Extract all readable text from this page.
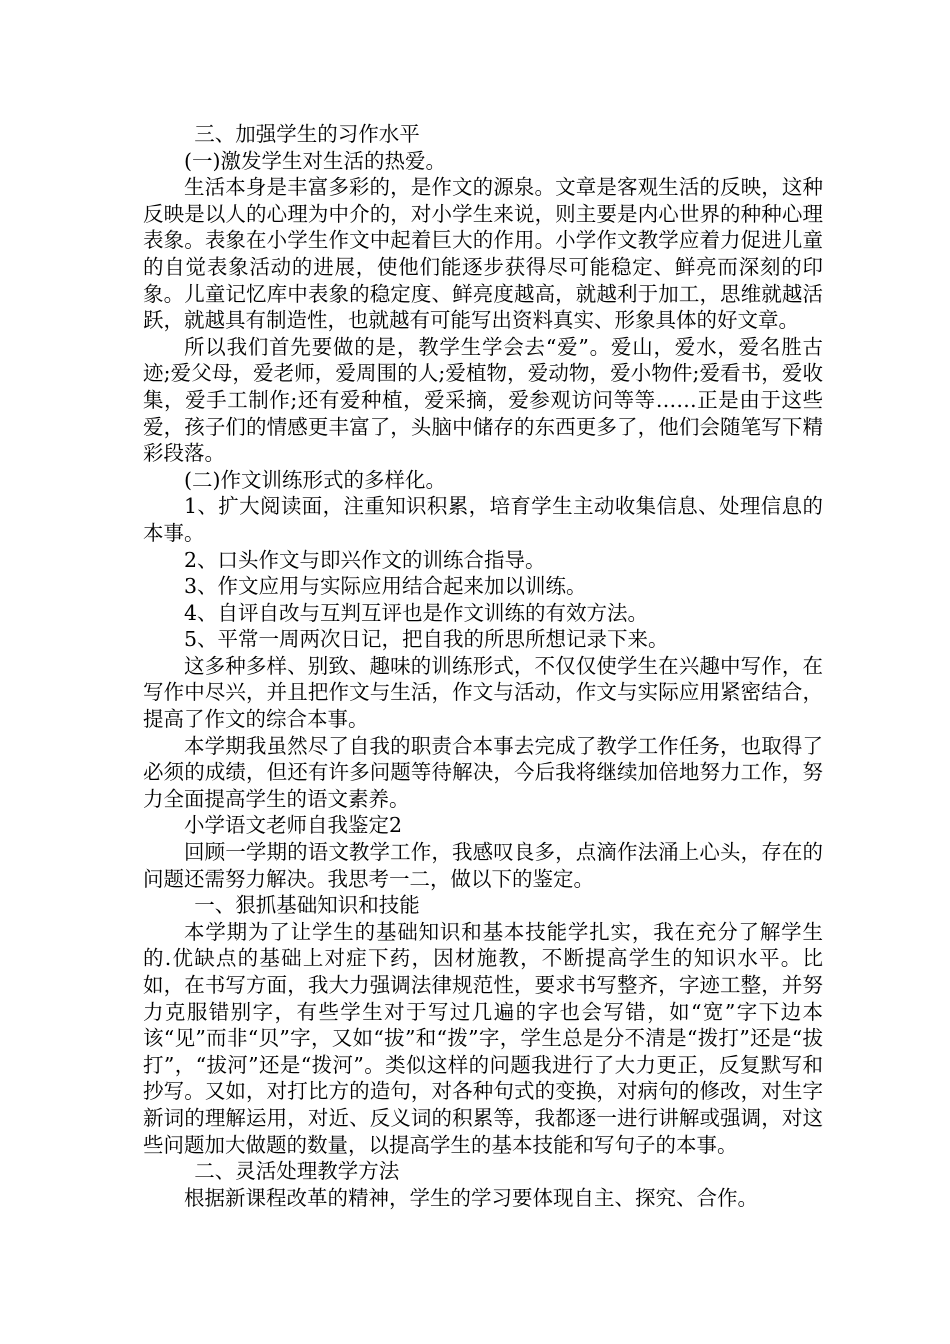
三、加强学生的习作水平

(一)激发学生对生活的热爱。

生活本身是丰富多彩的，是作文的源泉。文章是客观生活的反映，这种反映是以人的心理为中介的，对小学生来说，则主要是内心世界的种种心理表象。表象在小学生作文中起着巨大的作用。小学作文教学应着力促进儿童的自觉表象活动的进展，使他们能逐步获得尽可能稳定、鲜亮而深刻的印象。儿童记忆库中表象的稳定度、鲜亮度越高，就越利于加工，思维就越活跃，就越具有制造性，也就越有可能写出资料真实、形象具体的好文章。

所以我们首先要做的是，教学生学会去“爱”。爱山，爱水，爱名胜古迹;爱父母，爱老师，爱周围的人;爱植物，爱动物，爱小物件;爱看书，爱收集，爱手工制作;还有爱种植，爱采摘，爱参观访问等等……正是由于这些爱，孩子们的情感更丰富了，头脑中储存的东西更多了，他们会随笔写下精彩段落。

(二)作文训练形式的多样化。

1、扩大阅读面，注重知识积累，培育学生主动收集信息、处理信息的本事。

2、口头作文与即兴作文的训练合指导。

3、作文应用与实际应用结合起来加以训练。

4、自评自改与互判互评也是作文训练的有效方法。

5、平常一周两次日记，把自我的所思所想记录下来。

这多种多样、别致、趣味的训练形式，不仅仅使学生在兴趣中写作，在写作中尽兴，并且把作文与生活，作文与活动，作文与实际应用紧密结合，提高了作文的综合本事。

本学期我虽然尽了自我的职责合本事去完成了教学工作任务，也取得了必须的成绩，但还有许多问题等待解决，今后我将继续加倍地努力工作，努力全面提高学生的语文素养。

小学语文老师自我鉴定2

回顾一学期的语文教学工作，我感叹良多，点滴作法涌上心头，存在的问题还需努力解决。我思考一二，做以下的鉴定。

一、狠抓基础知识和技能

本学期为了让学生的基础知识和基本技能学扎实，我在充分了解学生的.优缺点的基础上对症下药，因材施教，不断提高学生的知识水平。比如，在书写方面，我大力强调法律规范性，要求书写整齐，字迹工整，并努力克服错别字，有些学生对于写过几遍的字也会写错，如“宽”字下边本该“见”而非“贝”字，又如“拔”和“拨”字，学生总是分不清是“拨打”还是“拔打”，“拔河”还是“拨河”。类似这样的问题我进行了大力更正，反复默写和抄写。又如，对打比方的造句，对各种句式的变换，对病句的修改，对生字新词的理解运用，对近、反义词的积累等，我都逐一进行讲解或强调，对这些问题加大做题的数量，以提高学生的基本技能和写句子的本事。

二、灵活处理教学方法

根据新课程改革的精神，学生的学习要体现自主、探究、合作。
